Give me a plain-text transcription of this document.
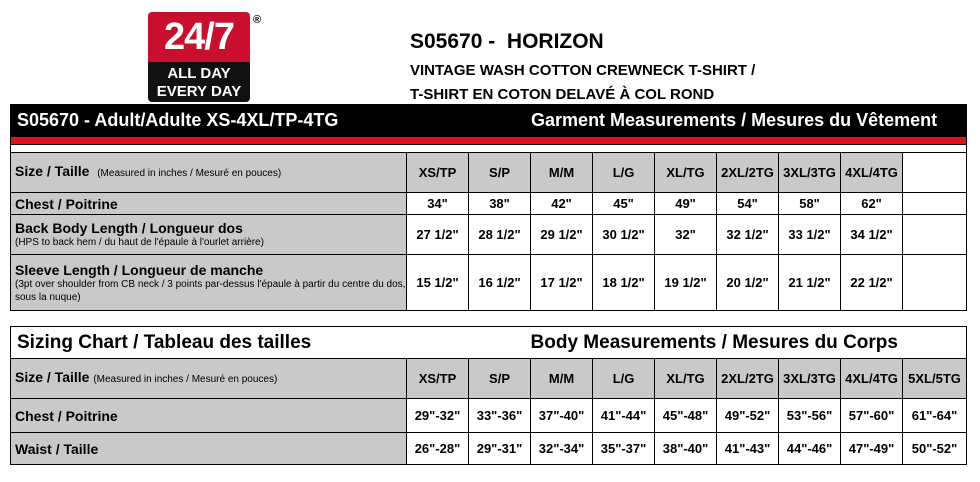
24/7
ALL DAY
EVERY DAY
®
S05670 -  HORIZON
VINTAGE WASH COTTON CREWNECK T-SHIRT /
T-SHIRT EN COTON DELAVÉ À COL ROND
S05670 - Adult/Adulte XS-4XL/TP-4TG			Garment Measurements / Mesures du Vêtement						

Size / Taille (Measured in inches / Mesuré en pouces)	XS/TP	S/P	M/M	L/G	XL/TG	2XL/2TG	3XL/3TG	4XL/4TG	
Chest / Poitrine	34"	38"	42"	45"	49"	54"	58"	62"	
Back Body Length / Longueur dos
(HPS to back hem / du haut de l'épaule à l'ourlet arrière)	27 1/2"	28 1/2"	29 1/2"	30 1/2"	32"	32 1/2"	33 1/2"	34 1/2"	
Sleeve Length / Longueur de manche
(3pt over shoulder from CB neck / 3 points par-dessus l'épaule à partir du centre du dos, sous la nuque)	15 1/2"	16 1/2"	17 1/2"	18 1/2"	19 1/2"	20 1/2"	21 1/2"	22 1/2"	
Sizing Chart / Tableau des tailles			Body Measurements / Mesures du Corps						
Size / Taille (Measured in inches / Mesuré en pouces)	XS/TP	S/P	M/M	L/G	XL/TG	2XL/2TG	3XL/3TG	4XL/4TG	5XL/5TG
Chest / Poitrine	29"-32"	33"-36"	37"-40"	41"-44"	45"-48"	49"-52"	53"-56"	57"-60"	61"-64"
Waist / Taille	26"-28"	29"-31"	32"-34"	35"-37"	38"-40"	41"-43"	44"-46"	47"-49"	50"-52"
